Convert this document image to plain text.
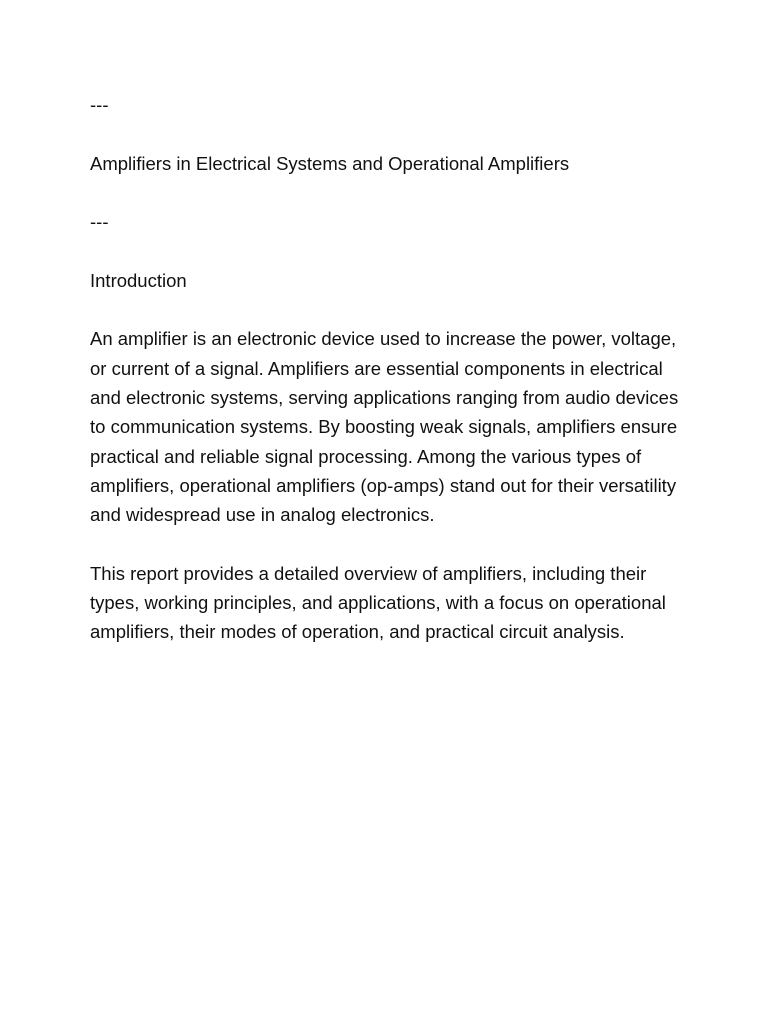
---
Amplifiers in Electrical Systems and Operational Amplifiers
---
Introduction

An amplifier is an electronic device used to increase the power, voltage, or current of a signal. Amplifiers are essential components in electrical and electronic systems, serving applications ranging from audio devices to communication systems. By boosting weak signals, amplifiers ensure practical and reliable signal processing. Among the various types of amplifiers, operational amplifiers (op-amps) stand out for their versatility and widespread use in analog electronics.

This report provides a detailed overview of amplifiers, including their types, working principles, and applications, with a focus on operational amplifiers, their modes of operation, and practical circuit analysis.
